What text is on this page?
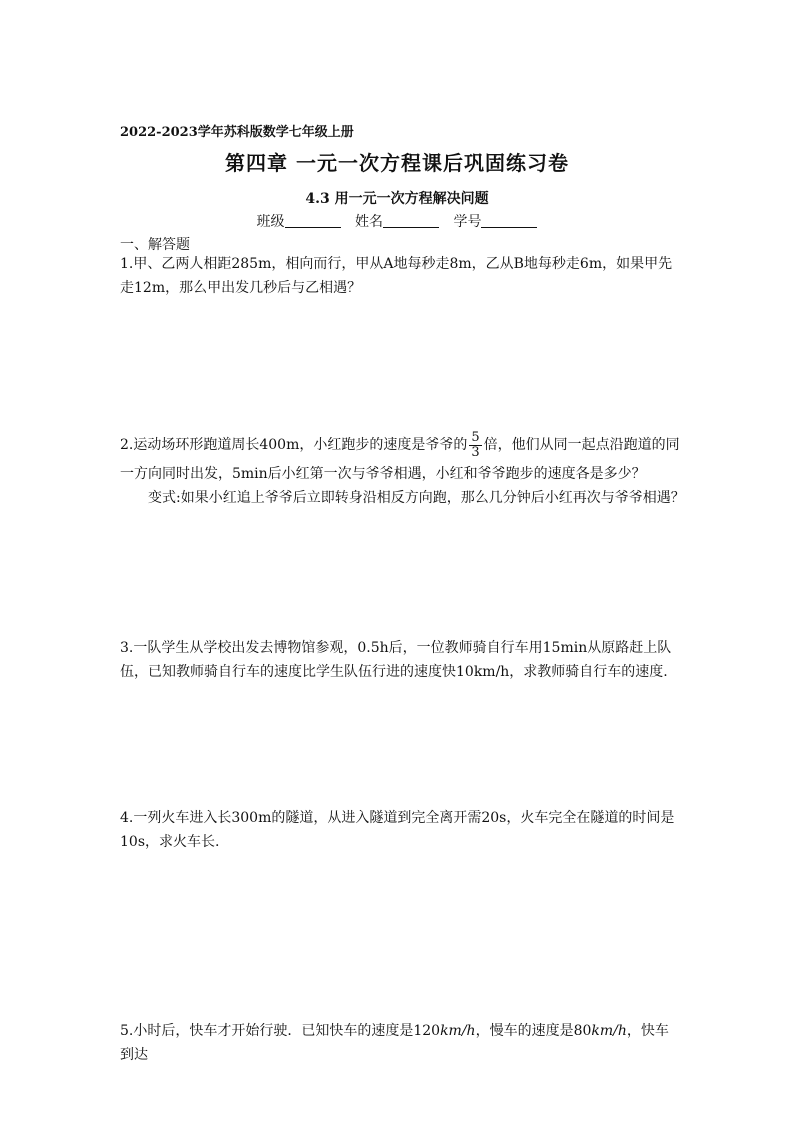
2022-2023学年苏科版数学七年级上册
第四章 一元一次方程课后巩固练习卷
4.3 用一元一次方程解决问题
班级	姓名	学号
一、解答题
1.甲、乙两人相距285m，相向而行，甲从A地每秒走8m，乙从B地每秒走6m，如果甲先走12m，那么甲出发几秒后与乙相遇？
2.运动场环形跑道周长400m，小红跑步的速度是爷爷的 $\frac{5}{3}$ 倍，他们从同一起点沿跑道的同
一方向同时出发，5min后小红第一次与爷爷相遇，小红和爷爷跑步的速度各是多少？
变式:如果小红追上爷爷后立即转身沿相反方向跑，那么几分钟后小红再次与爷爷相遇？
3.一队学生从学校出发去博物馆参观，0.5h后，一位教师骑自行车用15min从原路赶上队伍，已知教师骑自行车的速度比学生队伍行进的速度快10km/h，求教师骑自行车的速度.
4.一列火车进入长300m的隧道，从进入隧道到完全离开需20s，火车完全在隧道的时间是10s，求火车长.
5.小时后，快车才开始行驶．已知快车的速度是120km/h，慢车的速度是80km/h，快车到达
